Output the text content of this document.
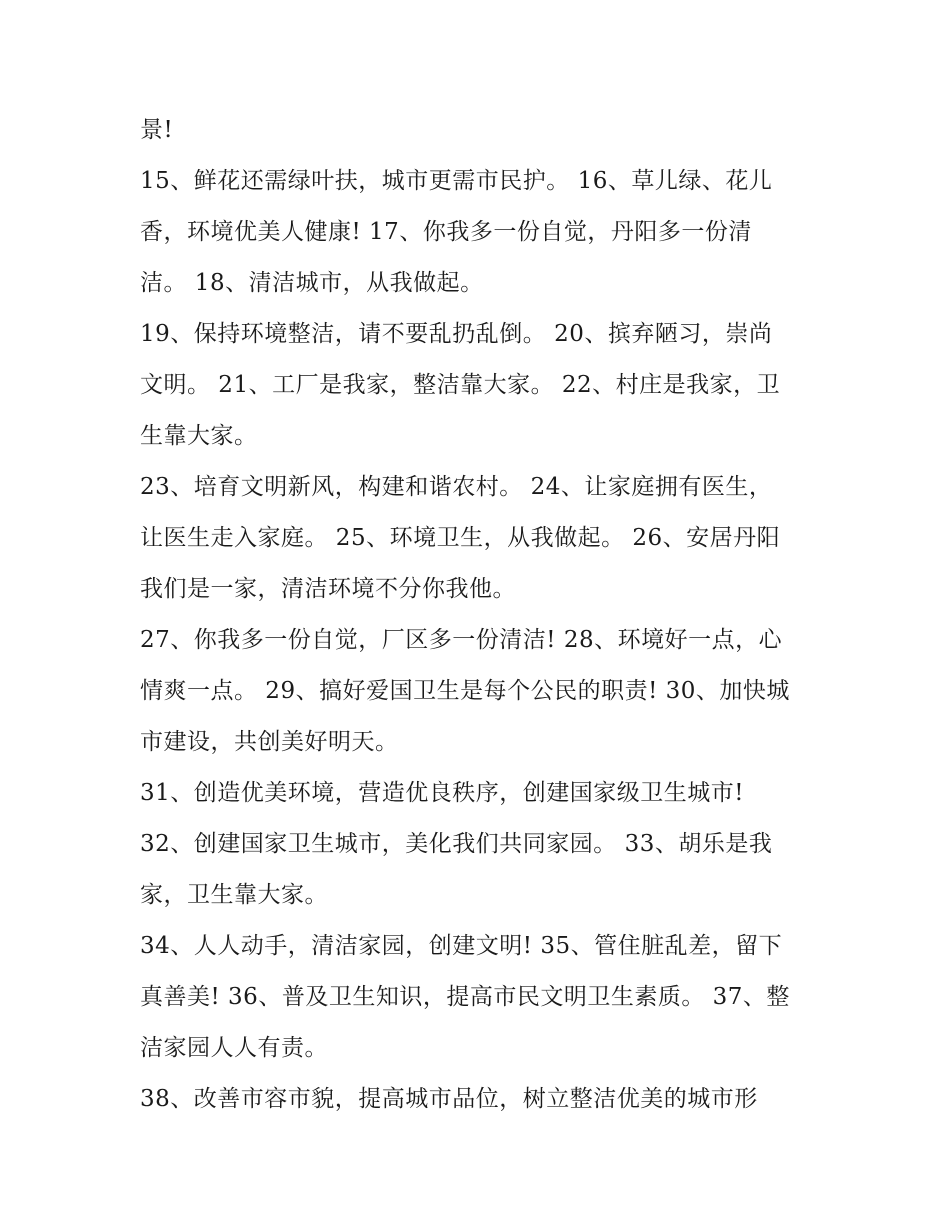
景!
15、鲜花还需绿叶扶，城市更需市民护。 16、草儿绿、花儿
香，环境优美人健康! 17、你我多一份自觉，丹阳多一份清
洁。 18、清洁城市，从我做起。
19、保持环境整洁，请不要乱扔乱倒。 20、摈弃陋习，崇尚
文明。 21、工厂是我家，整洁靠大家。 22、村庄是我家，卫
生靠大家。
23、培育文明新风，构建和谐农村。 24、让家庭拥有医生，
让医生走入家庭。 25、环境卫生，从我做起。 26、安居丹阳
我们是一家，清洁环境不分你我他。
27、你我多一份自觉，厂区多一份清洁! 28、环境好一点，心
情爽一点。 29、搞好爱国卫生是每个公民的职责! 30、加快城
市建设，共创美好明天。
31、创造优美环境，营造优良秩序，创建国家级卫生城市!
32、创建国家卫生城市，美化我们共同家园。 33、胡乐是我
家，卫生靠大家。
34、人人动手，清洁家园，创建文明! 35、管住脏乱差，留下
真善美! 36、普及卫生知识，提高市民文明卫生素质。 37、整
洁家园人人有责。
38、改善市容市貌，提高城市品位，树立整洁优美的城市形
